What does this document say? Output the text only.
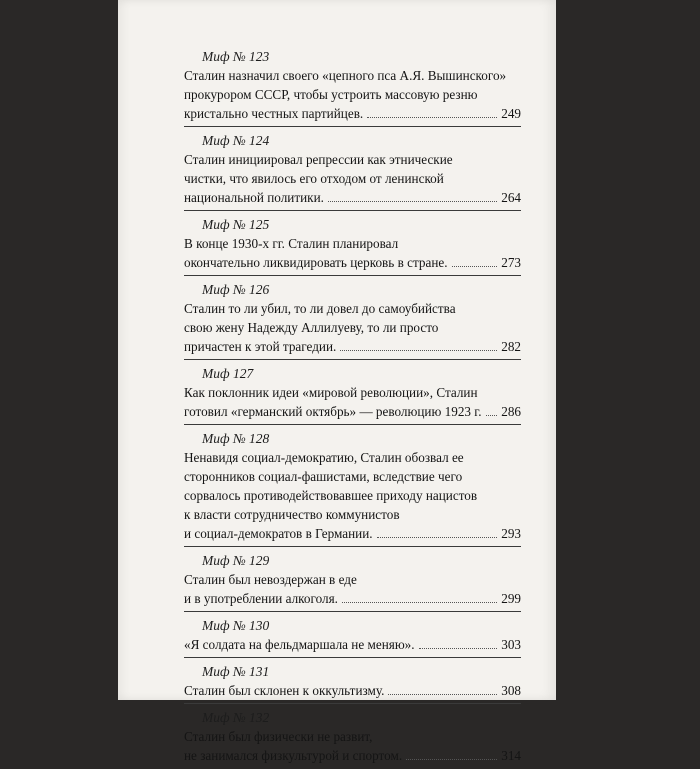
Миф № 123
Сталин назначил своего «цепного пса А.Я. Вышинского»
прокурором СССР, чтобы устроить массовую резню
кристально честных партийцев.	249
Миф № 124
Сталин инициировал репрессии как этнические
чистки, что явилось его отходом от ленинской
национальной политики.	264
Миф № 125
В конце 1930-х гг. Сталин планировал
окончательно ликвидировать церковь в стране.	273
Миф № 126
Сталин то ли убил, то ли довел до самоубийства
свою жену Надежду Аллилуеву, то ли просто
причастен к этой трагедии.	282
Миф 127
Как поклонник идеи «мировой революции», Сталин
готовил «германский октябрь» — революцию 1923 г. 286
Миф № 128
Ненавидя социал-демократию, Сталин обозвал ее
сторонников социал-фашистами, вследствие чего
сорвалось противодействовавшее приходу нацистов
к власти сотрудничество коммунистов
и социал-демократов в Германии.	293
Миф № 129
Сталин был невоздержан в еде
и в употреблении алкоголя.	299
Миф № 130
«Я солдата на фельдмаршала не меняю».	303
Миф № 131
Сталин был склонен к оккультизму.	308
Миф № 132
Сталин был физически не развит,
не занимался физкультурой и спортом.	314
